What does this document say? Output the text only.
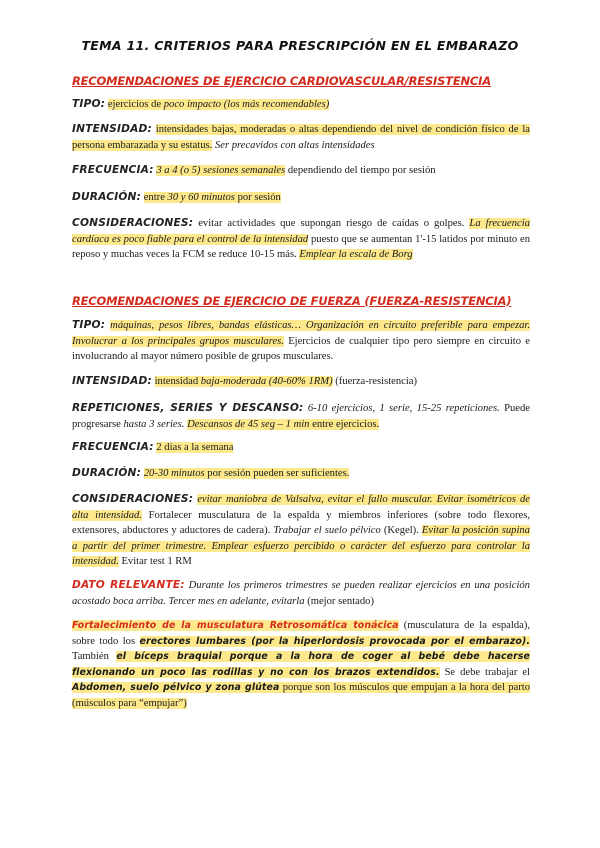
TEMA 11. CRITERIOS PARA PRESCRIPCIÓN EN EL EMBARAZO
RECOMENDACIONES DE EJERCICIO CARDIOVASCULAR/RESISTENCIA
TIPO: ejercicios de poco impacto (los más recomendables)
INTENSIDAD: intensidades bajas, moderadas o altas dependiendo del nivel de condición físico de la persona embarazada y su estatus. Ser precavidos con altas intensidades
FRECUENCIA: 3 a 4 (o 5) sesiones semanales dependiendo del tiempo por sesión
DURACIÓN: entre 30 y 60 minutos por sesión
CONSIDERACIONES: evitar actividades que supongan riesgo de caídas o golpes. La frecuencia cardíaca es poco fiable para el control de la intensidad puesto que se aumentan 1'-15 latidos por minuto en reposo y muchas veces la FCM se reduce 10-15 más. Emplear la escala de Borg
RECOMENDACIONES DE EJERCICIO DE FUERZA (FUERZA-RESISTENCIA)
TIPO: máquinas, pesos libres, bandas elásticas… Organización en circuito preferible para empezar. Involucrar a los principales grupos musculares. Ejercicios de cualquier tipo pero siempre en circuito e involucrando al mayor número posible de grupos musculares.
INTENSIDAD: intensidad baja-moderada (40-60% 1RM) (fuerza-resistencia)
REPETICIONES, SERIES Y DESCANSO: 6-10 ejercicios, 1 serie, 15-25 repeticiones. Puede progresarse hasta 3 series. Descansos de 45 seg – 1 min entre ejercicios.
FRECUENCIA: 2 días a la semana
DURACIÓN: 20-30 minutos por sesión pueden ser suficientes.
CONSIDERACIONES: evitar maniobra de Valsalva, evitar el fallo muscular. Evitar isométricos de alta intensidad. Fortalecer musculatura de la espalda y miembros inferiores (sobre todo flexores, extensores, abductores y aductores de cadera). Trabajar el suelo pélvico (Kegel). Evitar la posición supina a partir del primer trimestre. Emplear esfuerzo percibido o carácter del esfuerzo para controlar la intensidad. Evitar test 1 RM
DATO RELEVANTE: Durante los primeros trimestres se pueden realizar ejercicios en una posición acostado boca arriba. Tercer mes en adelante, evitarla (mejor sentado)
Fortalecimiento de la musculatura Retrosomática tonácica (musculatura de la espalda), sobre todo los erectores lumbares (por la hiperlordosis provocada por el embarazo). También el bíceps braquial porque a la hora de coger al bebé debe hacerse flexionando un poco las rodillas y no con los brazos extendidos. Se debe trabajar el Abdomen, suelo pélvico y zona glútea porque son los músculos que empujan a la hora del parto (músculos para “empujar”)
